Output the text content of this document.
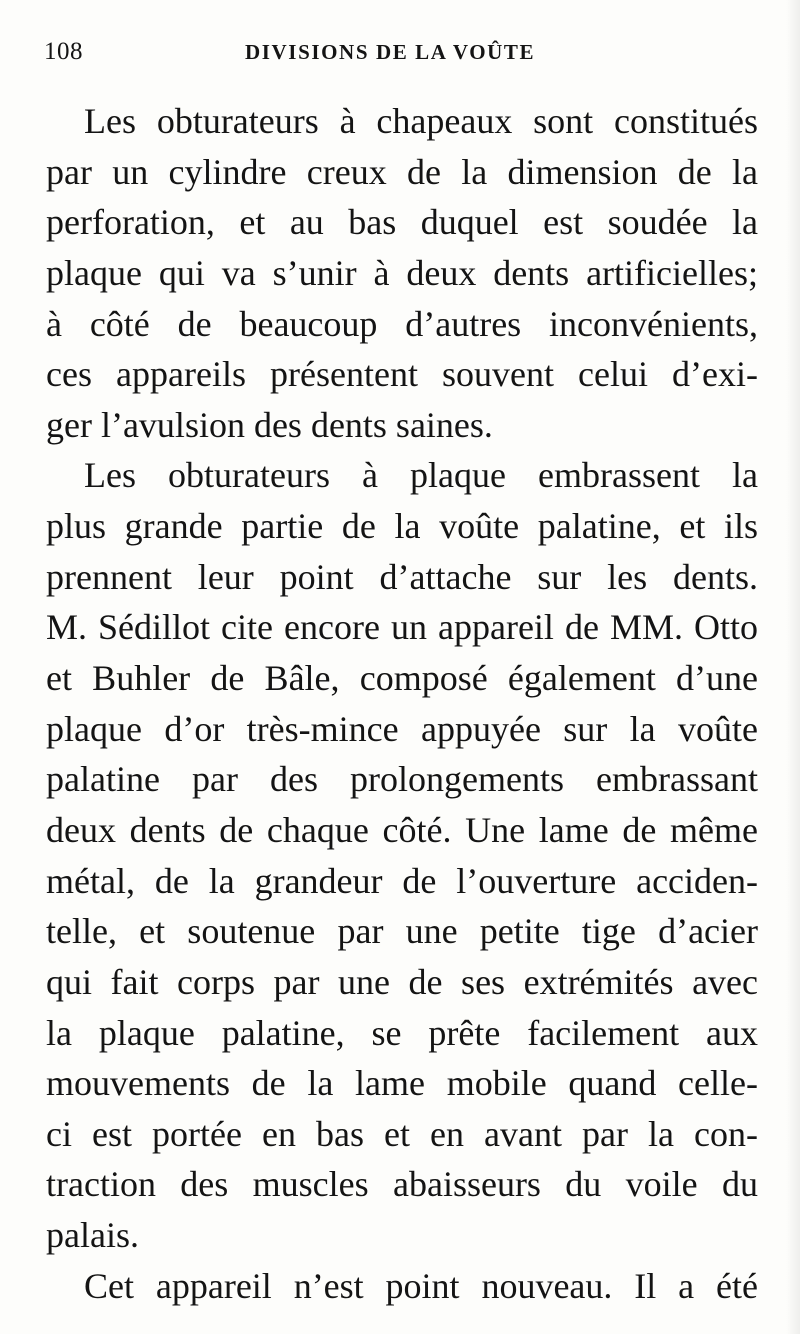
108	DIVISIONS DE LA VOÛTE
Les obturateurs à chapeaux sont constitués
par un cylindre creux de la dimension de la
perforation, et au bas duquel est soudée la
plaque qui va s’unir à deux dents artificielles;
à côté de beaucoup d’autres inconvénients,
ces appareils présentent souvent celui d’exi-
ger l’avulsion des dents saines.
Les obturateurs à plaque embrassent la
plus grande partie de la voûte palatine, et ils
prennent leur point d’attache sur les dents.
M. Sédillot cite encore un appareil de MM. Otto
et Buhler de Bâle, composé également d’une
plaque d’or très-mince appuyée sur la voûte
palatine par des prolongements embrassant
deux dents de chaque côté. Une lame de même
métal, de la grandeur de l’ouverture acciden-
telle, et soutenue par une petite tige d’acier
qui fait corps par une de ses extrémités avec
la plaque palatine, se prête facilement aux
mouvements de la lame mobile quand celle-
ci est portée en bas et en avant par la con-
traction des muscles abaisseurs du voile du
palais.
Cet appareil n’est point nouveau. Il a été
